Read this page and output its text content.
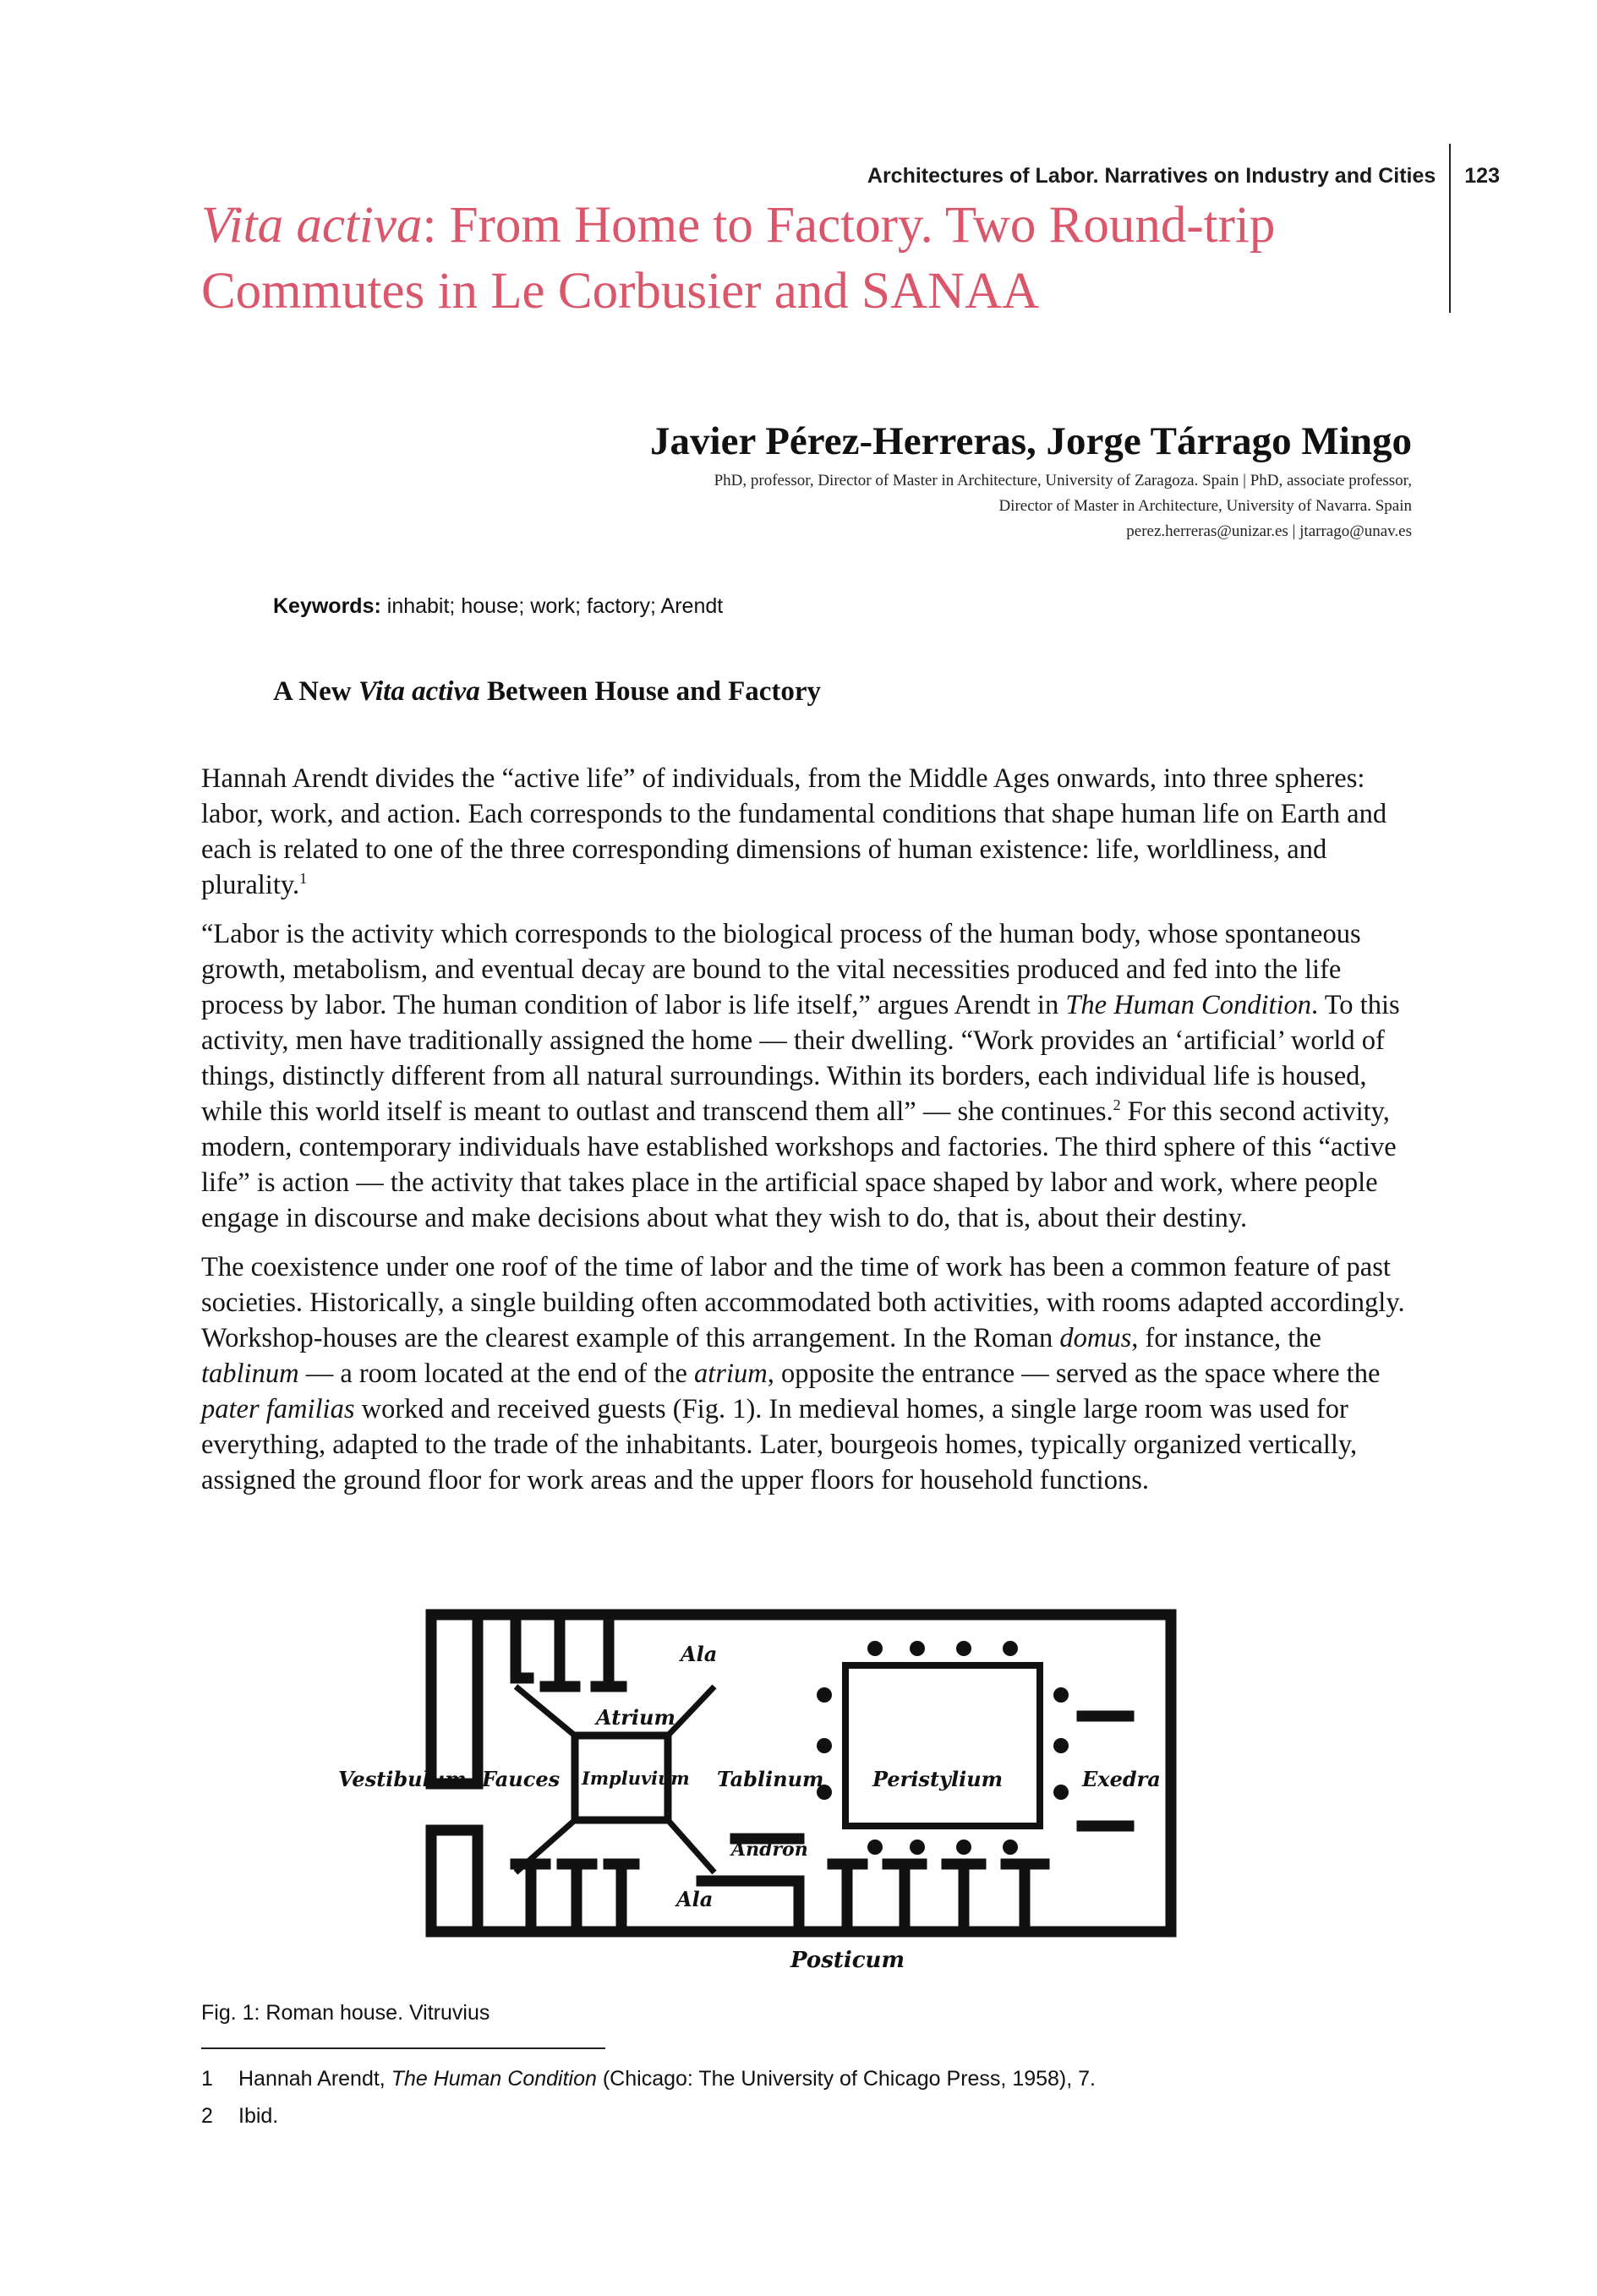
Architectures of Labor. Narratives on Industry and Cities 123
Vita activa: From Home to Factory. Two Round-trip
Commutes in Le Corbusier and SANAA
Javier Pérez-Herreras, Jorge Tárrago Mingo
PhD, professor, Director of Master in Architecture, University of Zaragoza. Spain | PhD, associate professor,
Director of Master in Architecture, University of Navarra. Spain
perez.herreras@unizar.es | jtarrago@unav.es
Keywords: inhabit; house; work; factory; Arendt
A New Vita activa Between House and Factory

Hannah Arendt divides the “active life” of individuals, from the Middle Ages onwards, into three spheres: labor, work, and action. Each corresponds to the fundamental conditions that shape human life on Earth and each is related to one of the three corresponding dimensions of human existence: life, worldliness, and plurality.$^1$

“Labor is the activity which corresponds to the biological process of the human body, whose spontaneous growth, metabolism, and eventual decay are bound to the vital necessities produced and fed into the life process by labor. The human condition of labor is life itself,” argues Arendt in The Human Condition. To this activity, men have traditionally assigned the home — their dwelling. “Work provides an ‘artificial’ world of things, distinctly different from all natural surroundings. Within its borders, each individual life is housed, while this world itself is meant to outlast and transcend them all” — she continues.$^2$ For this second activity, modern, contemporary individuals have established workshops and factories. The third sphere of this “active life” is action — the activity that takes place in the artificial space shaped by labor and work, where people engage in discourse and make decisions about what they wish to do, that is, about their destiny.

The coexistence under one roof of the time of labor and the time of work has been a common feature of past societies. Historically, a single building often accommodated both activities, with rooms adapted accordingly. Workshop-houses are the clearest example of this arrangement. In the Roman domus, for instance, the tablinum — a room located at the end of the atrium, opposite the entrance — served as the space where the pater familias worked and received guests (Fig. 1). In medieval homes, a single large room was used for everything, adapted to the trade of the inhabitants. Later, bourgeois homes, typically organized vertically, assigned the ground floor for work areas and the upper floors for household functions.

Ala
Atrium
Vestibulum Fauces Impluvium Tablinum Peristylium	Exedra
Andron
Ala
Posticum
Fig. 1: Roman house. Vitruvius
1	Hannah Arendt, The Human Condition (Chicago: The University of Chicago Press, 1958), 7.
2	Ibid.
